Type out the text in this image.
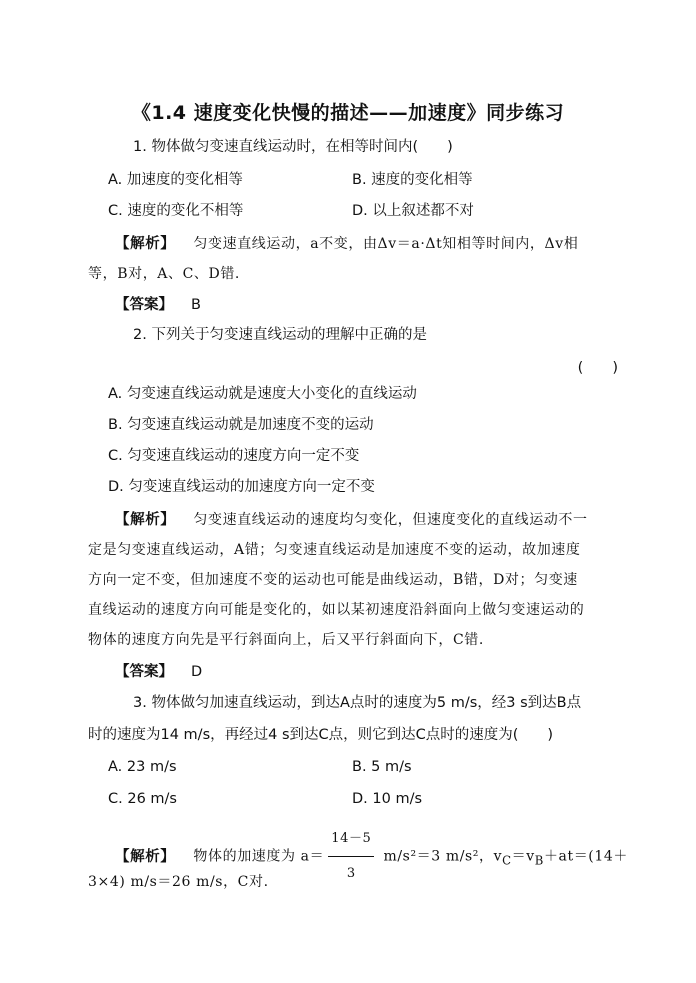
《1.4 速度变化快慢的描述——加速度》同步练习
1. 物体做匀变速直线运动时，在相等时间内(　　)
A. 加速度的变化相等	B. 速度的变化相等
C. 速度的变化不相等	D. 以上叙述都不对
【解析】 匀变速直线运动，a不变，由Δv＝a·Δt知相等时间内，Δv相
等，B对，A、C、D错.
【答案】 B
2. 下列关于匀变速直线运动的理解中正确的是
(　　)
A. 匀变速直线运动就是速度大小变化的直线运动
B. 匀变速直线运动就是加速度不变的运动
C. 匀变速直线运动的速度方向一定不变
D. 匀变速直线运动的加速度方向一定不变
【解析】 匀变速直线运动的速度均匀变化，但速度变化的直线运动不一
定是匀变速直线运动，A错；匀变速直线运动是加速度不变的运动，故加速度
方向一定不变，但加速度不变的运动也可能是曲线运动，B错，D对；匀变速
直线运动的速度方向可能是变化的，如以某初速度沿斜面向上做匀变速运动的
物体的速度方向先是平行斜面向上，后又平行斜面向下，C错.
【答案】 D
3. 物体做匀加速直线运动，到达A点时的速度为5 m/s，经3 s到达B点
时的速度为14 m/s，再经过4 s到达C点，则它到达C点时的速度为(　　)
A. 23 m/s	B. 5 m/s
C. 26 m/s	D. 10 m/s
【解析】 物体的加速度为 $a= \frac{14-5}{3} m/s^2=3$ m/s²，$v_C=v_B+at=(14+$
3×4) m/s＝26 m/s，C对.
